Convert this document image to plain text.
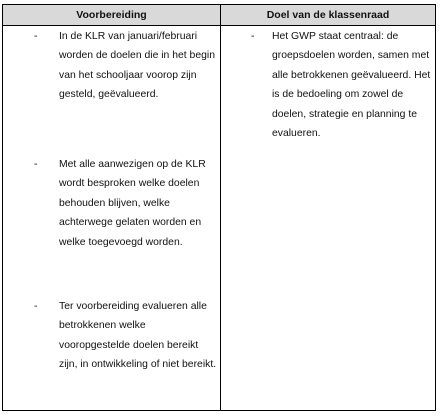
Voorbereiding	Doel van de klassenraad
- In de KLR van januari/februari worden de doelen die in het begin van het schooljaar voorop zijn gesteld, geëvalueerd.
- Met alle aanwezigen op de KLR wordt besproken welke doelen behouden blijven, welke achterwege gelaten worden en welke toegevoegd worden.
- Ter voorbereiding evalueren alle betrokkenen welke vooropgestelde doelen bereikt zijn, in ontwikkeling of niet bereikt.
- Het GWP staat centraal: de groepsdoelen worden, samen met alle betrokkenen geëvalueerd. Het is de bedoeling om zowel de doelen, strategie en planning te evalueren.
